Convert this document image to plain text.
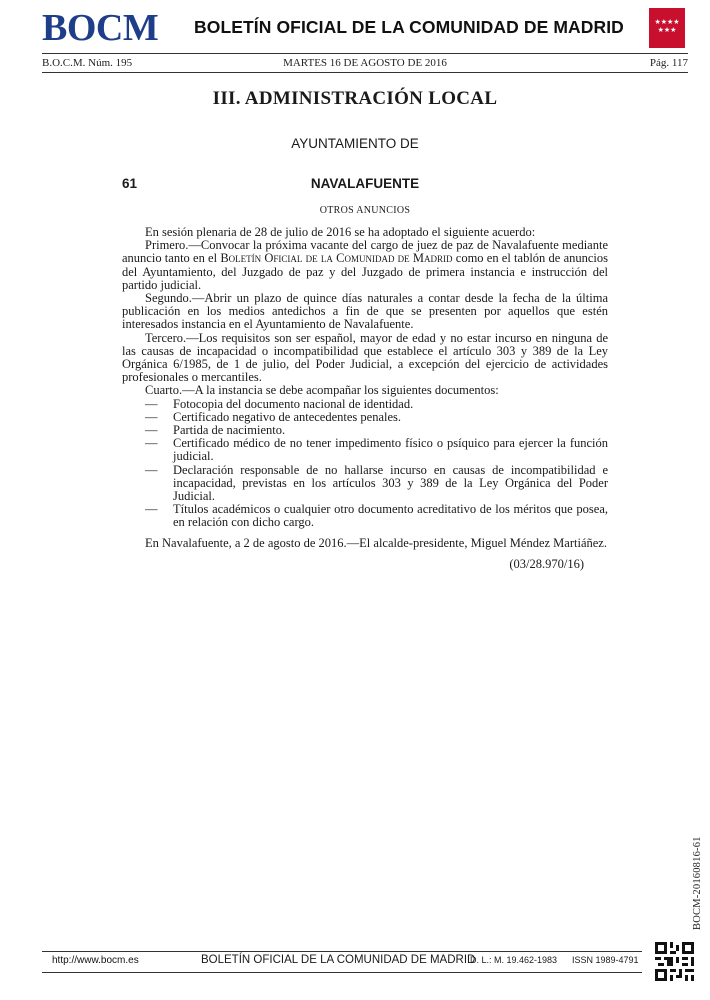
BOCM BOLETÍN OFICIAL DE LA COMUNIDAD DE MADRID	★★★★
★★★
B.O.C.M. Núm. 195	MARTES 16 DE AGOSTO DE 2016	Pág. 117
III. ADMINISTRACIÓN LOCAL
AYUNTAMIENTO DE
61	NAVALAFUENTE
OTROS ANUNCIOS

En sesión plenaria de 28 de julio de 2016 se ha adoptado el siguiente acuerdo:

Primero.—Convocar la próxima vacante del cargo de juez de paz de Navalafuente mediante anuncio tanto en el Boletín Oficial de la Comunidad de Madrid como en el tablón de anuncios del Ayuntamiento, del Juzgado de paz y del Juzgado de primera instancia e instrucción del partido judicial.

Segundo.—Abrir un plazo de quince días naturales a contar desde la fecha de la última publicación en los medios antedichos a fin de que se presenten por aquellos que estén interesados instancia en el Ayuntamiento de Navalafuente.

Tercero.—Los requisitos son ser español, mayor de edad y no estar incurso en ninguna de las causas de incapacidad o incompatibilidad que establece el artículo 303 y 389 de la Ley Orgánica 6/1985, de 1 de julio, del Poder Judicial, a excepción del ejercicio de actividades profesionales o mercantiles.

Cuarto.—A la instancia se debe acompañar los siguientes documentos:

— Fotocopia del documento nacional de identidad.
— Certificado negativo de antecedentes penales.
— Partida de nacimiento.
— Certificado médico de no tener impedimento físico o psíquico para ejercer la función judicial.
— Declaración responsable de no hallarse incurso en causas de incompatibilidad e incapacidad, previstas en los artículos 303 y 389 de la Ley Orgánica del Poder Judicial.
— Títulos académicos o cualquier otro documento acreditativo de los méritos que posea, en relación con dicho cargo.

En Navalafuente, a 2 de agosto de 2016.—El alcalde-presidente, Miguel Méndez Martiáñez.

(03/28.970/16)
BOCM-20160816-61
http://www.bocm.es	BOLETÍN OFICIAL DE LA COMUNIDAD DE MADRID
D. L.: M. 19.462-1983 ISSN 1989-4791
